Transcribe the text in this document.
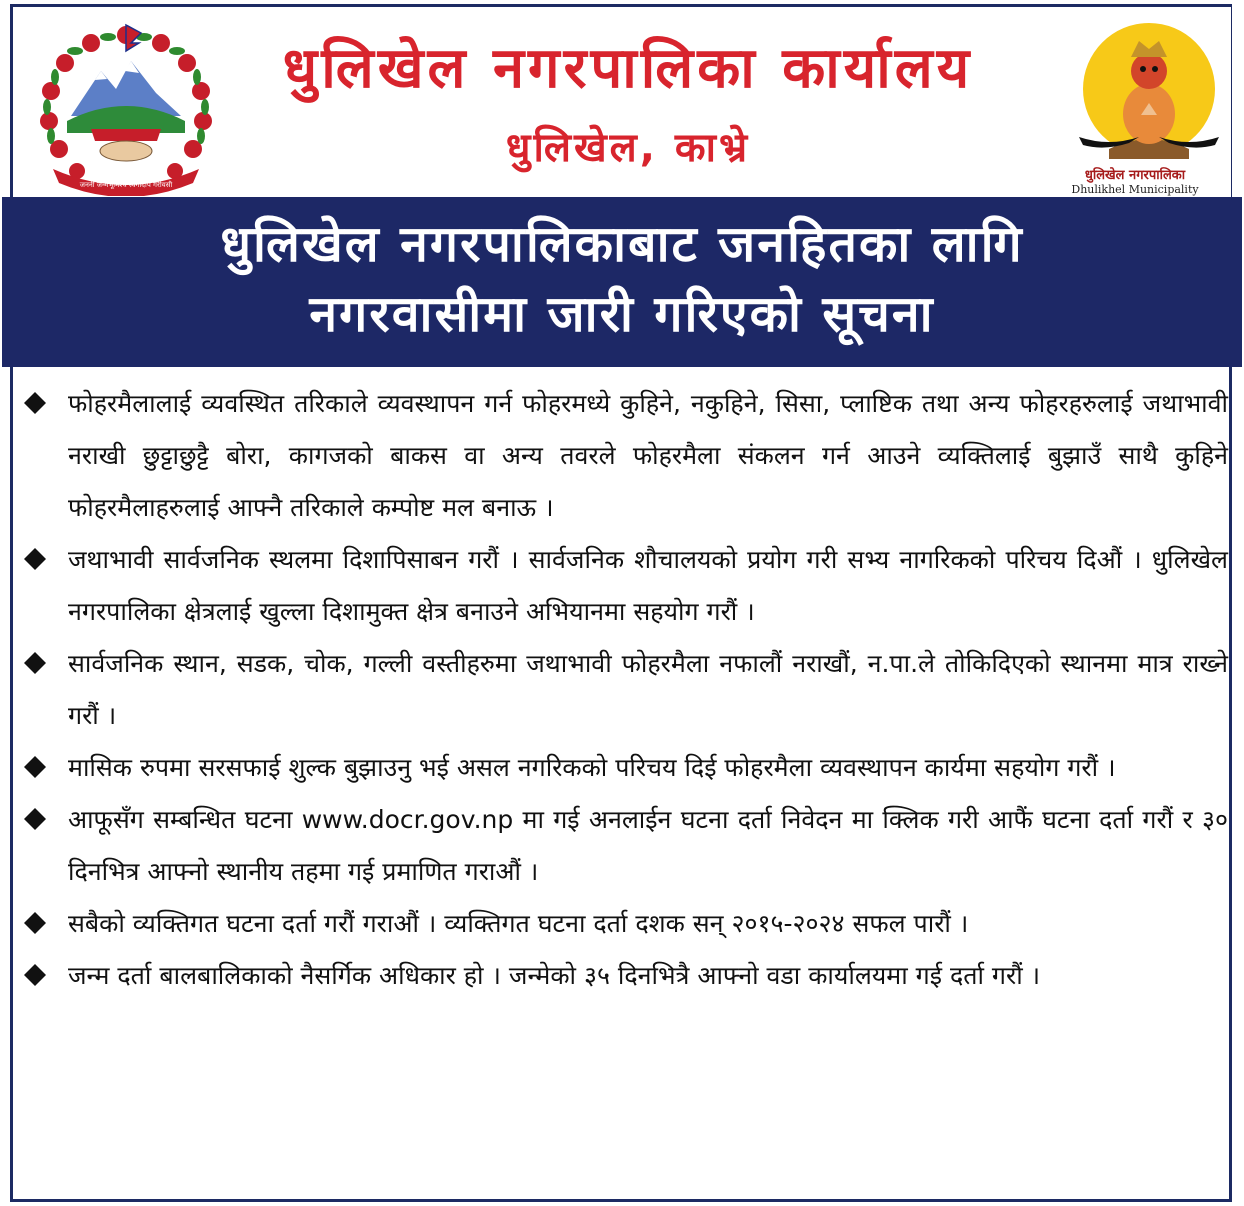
जननी जन्मभूमिश्च स्वर्गादपि गरीयसी
धुलिखेल नगरपालिका कार्यालय
धुलिखेल, काभ्रे
धुलिखेल नगरपालिका
Dhulikhel Municipality
धुलिखेल नगरपालिकाबाट जनहितका लागि
नगरवासीमा जारी गरिएको सूचना

फोहरमैलालाई व्यवस्थित तरिकाले व्यवस्थापन गर्न फोहरमध्ये कुहिने, नकुहिने, सिसा, प्लाष्टिक तथा अन्य फोहरहरुलाई जथाभावी नराखी छुट्टाछुट्टै बोरा, कागजको बाकस वा अन्य तवरले फोहरमैला संकलन गर्न आउने व्यक्तिलाई बुझाउँ साथै कुहिने फोहरमैलाहरुलाई आफ्नै तरिकाले कम्पोष्ट मल बनाऊ ।

जथाभावी सार्वजनिक स्थलमा दिशापिसाबन गरौं । सार्वजनिक शौचालयको प्रयोग गरी सभ्य नागरिकको परिचय दिऔं । धुलिखेल नगरपालिका क्षेत्रलाई खुल्ला दिशामुक्त क्षेत्र बनाउने अभियानमा सहयोग गरौं ।

सार्वजनिक स्थान, सडक, चोक, गल्ली वस्तीहरुमा जथाभावी फोहरमैला नफालौं नराखौं, न.पा.ले तोकिदिएको स्थानमा मात्र राख्ने गरौं ।

मासिक रुपमा सरसफाई शुल्क बुझाउनु भई असल नगरिकको परिचय दिई फोहरमैला व्यवस्थापन कार्यमा सहयोग गरौं ।

आफूसँग सम्बन्धित घटना www.docr.gov.np मा गई अनलाईन घटना दर्ता निवेदन मा क्लिक गरी आफैं घटना दर्ता गरौं र ३० दिनभित्र आफ्नो स्थानीय तहमा गई प्रमाणित गराऔं ।

सबैको व्यक्तिगत घटना दर्ता गरौं गराऔं । व्यक्तिगत घटना दर्ता दशक सन् २०१५-२०२४ सफल पारौं ।

जन्म दर्ता बालबालिकाको नैसर्गिक अधिकार हो । जन्मेको ३५ दिनभित्रै आफ्नो वडा कार्यालयमा गई दर्ता गरौं ।
